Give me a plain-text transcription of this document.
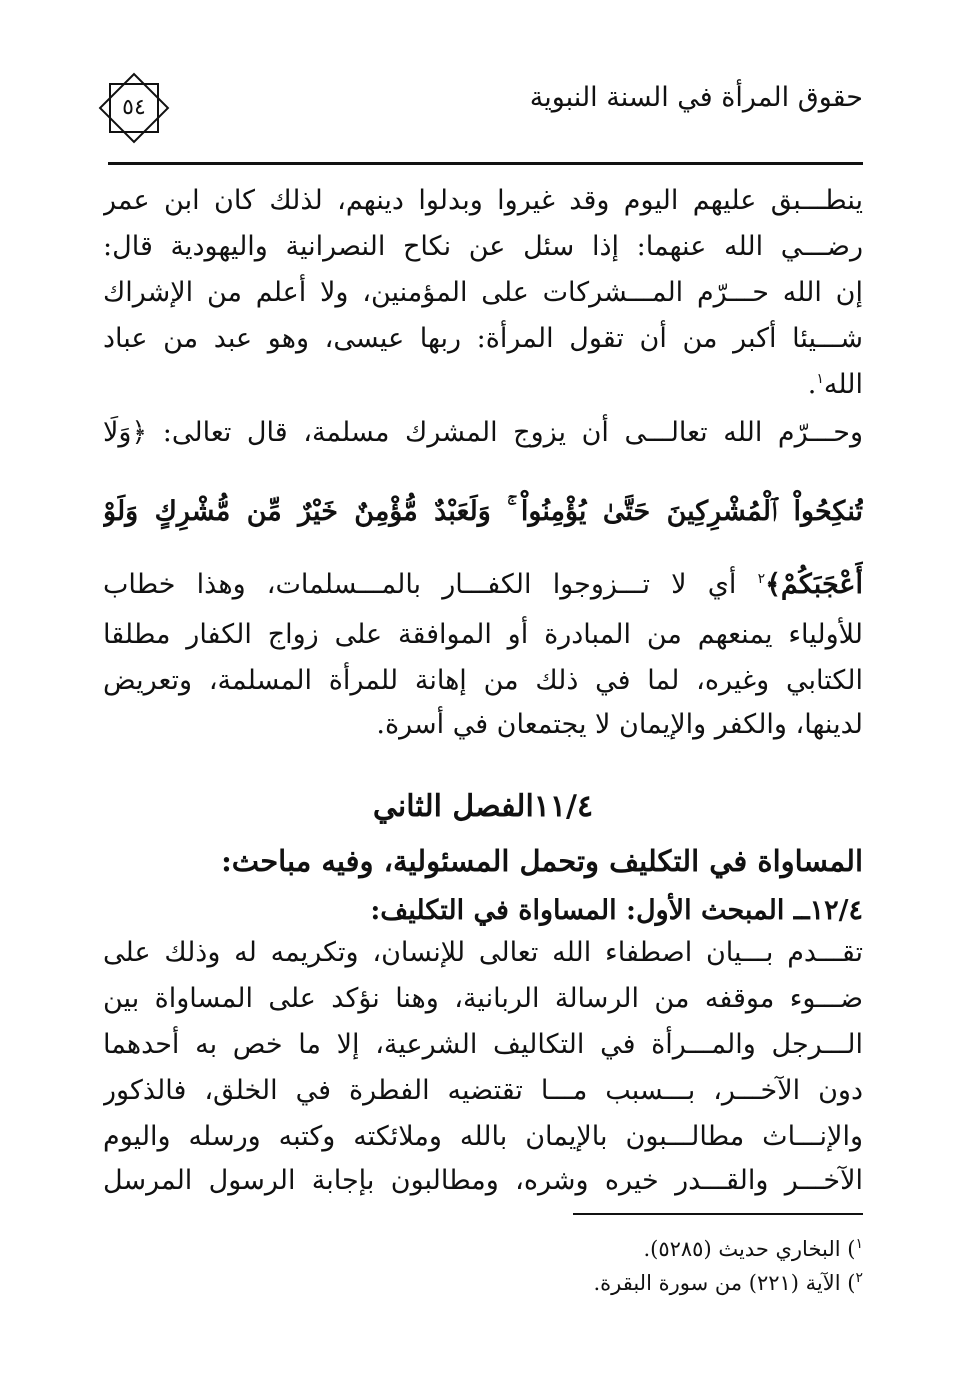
حقوق المرأة في السنة النبوية
٥٤
ينطـــبق عليهم اليوم وقد غيروا وبدلوا دينهم، لذلك كان ابن عمر
رضـــي الله عنهما: إذا سئل عن نكاح النصرانية واليهودية قال:
إن الله حـــرّم المـــشركات على المؤمنين، ولا أعلم من الإشراك
شـــيئا أكبر من أن تقول المرأة: ربها عيسى، وهو عبد من عباد
الله$^١$.
وحـــرّم الله تعالـــى أن يزوج المشرك مسلمة، قال تعالى: ﴿وَلَا
تُنكِحُواْ ٱلْمُشْرِكِينَ حَتَّىٰ يُؤْمِنُواْ ۚ وَلَعَبْدٌ مُّؤْمِنٌ خَيْرٌ مِّن مُّشْرِكٍ وَلَوْ
أَعْجَبَكُمْ﴾$^٢$ أي لا تـــزوجوا الكفـــار بالمـــسلمات، وهذا خطاب
للأولياء يمنعهم من المبادرة أو الموافقة على زواج الكفار مطلقا
الكتابي وغيره، لما في ذلك من إهانة للمرأة المسلمة، وتعريض
لدينها، والكفر والإيمان لا يجتمعان في أسرة.
١١/٤الفصل الثاني
المساواة في التكليف وتحمل المسئولية، وفيه مباحث:
١٢/٤ــ المبحث الأول: المساواة في التكليف:
تقـــدم بـــيان اصطفاء الله تعالى للإنسان، وتكريمه له وذلك على
ضـــوء موقفه من الرسالة الربانية، وهنا نؤكد على المساواة بين
الـــرجل والمـــرأة في التكاليف الشرعية، إلا ما خص به أحدهما
دون الآخـــر، بـــسبب مـــا تقتضيه الفطرة في الخلق، فالذكور
والإنـــاث مطالـــبون بالإيمان بالله وملائكته وكتبه ورسله واليوم
الآخـــر والقـــدر خيره وشره، ومطالبون بإجابة الرسول المرسل
$^١$) البخاري حديث (٥٢٨٥).
$^٢$) الآية (٢٢١) من سورة البقرة.
